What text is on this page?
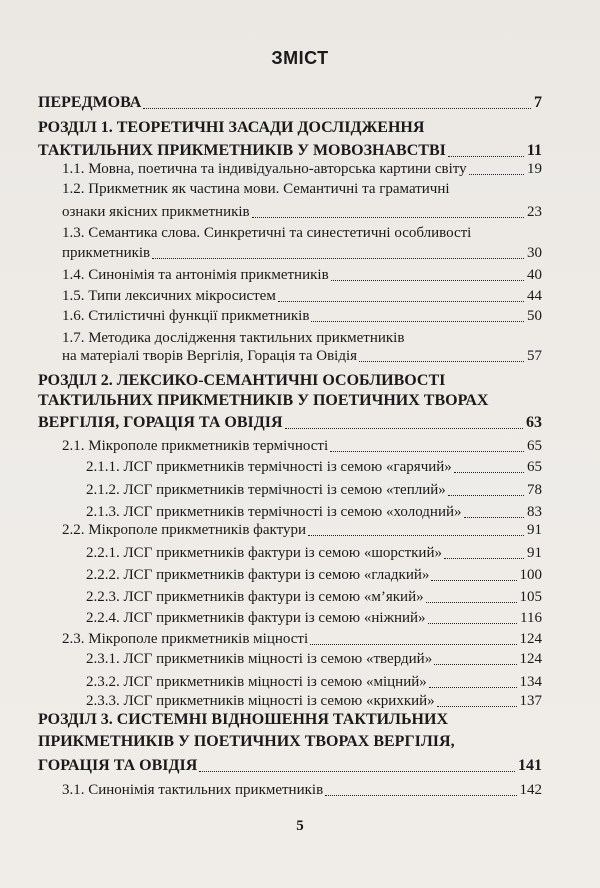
ЗМІСТ
ПЕРЕДМОВА	7
РОЗДІЛ 1. ТЕОРЕТИЧНІ ЗАСАДИ ДОСЛІДЖЕННЯ
ТАКТИЛЬНИХ ПРИКМЕТНИКІВ У МОВОЗНАВСТВІ	11
1.1. Мовна, поетична та індивідуально-авторська картини світу	19
1.2. Прикметник як частина мови. Семантичні та граматичні
ознаки якісних прикметників	23
1.3. Семантика слова. Синкретичні та синестетичні особливості
прикметників	30
1.4. Синонімія та антонімія прикметників	40
1.5. Типи лексичних мікросистем	44
1.6. Стилістичні функції прикметників	50
1.7. Методика дослідження тактильних прикметників
на матеріалі творів Вергілія, Горація та Овідія	57
РОЗДІЛ 2. ЛЕКСИКО-СЕМАНТИЧНІ ОСОБЛИВОСТІ
ТАКТИЛЬНИХ ПРИКМЕТНИКІВ У ПОЕТИЧНИХ ТВОРАХ
ВЕРГІЛІЯ, ГОРАЦІЯ ТА ОВІДІЯ	63
2.1. Мікрополе прикметників термічності	65
2.1.1. ЛСГ прикметників термічності із семою «гарячий»	65
2.1.2. ЛСГ прикметників термічності із семою «теплий»	78
2.1.3. ЛСГ прикметників термічності із семою «холодний»	83
2.2. Мікрополе прикметників фактури	91
2.2.1. ЛСГ прикметників фактури із семою «шорсткий»	91
2.2.2. ЛСГ прикметників фактури із семою «гладкий»	100
2.2.3. ЛСГ прикметників фактури із семою «м’який»	105
2.2.4. ЛСГ прикметників фактури із семою «ніжний»	116
2.3. Мікрополе прикметників міцності	124
2.3.1. ЛСГ прикметників міцності із семою «твердий»	124
2.3.2. ЛСГ прикметників міцності із семою «міцний»	134
2.3.3. ЛСГ прикметників міцності із семою «крихкий»	137
РОЗДІЛ 3. СИСТЕМНІ ВІДНОШЕННЯ ТАКТИЛЬНИХ
ПРИКМЕТНИКІВ У ПОЕТИЧНИХ ТВОРАХ ВЕРГІЛІЯ,
ГОРАЦІЯ ТА ОВІДІЯ	141
3.1. Синонімія тактильних прикметників	142
5
